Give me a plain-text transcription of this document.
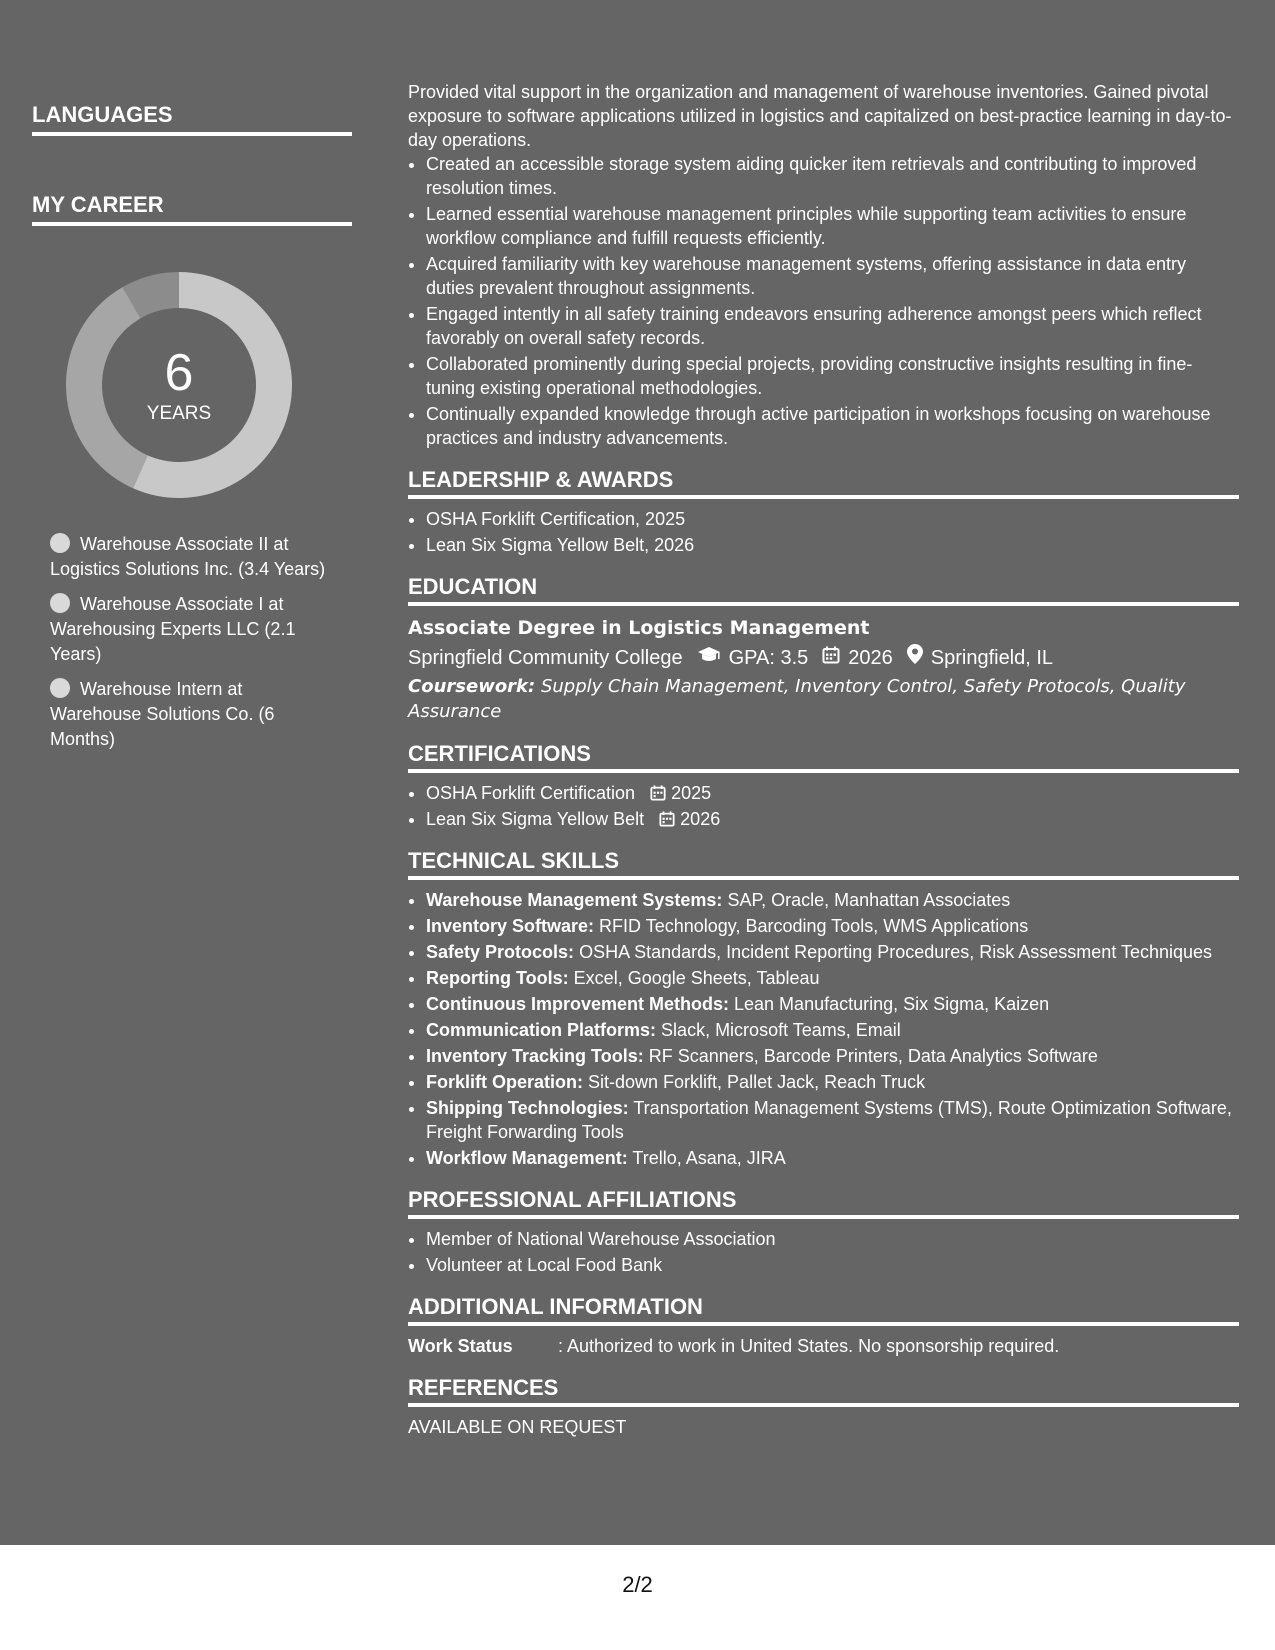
LANGUAGES
MY CAREER
6
YEARS
Warehouse Associate II at Logistics Solutions Inc. (3.4 Years)
Warehouse Associate I at Warehousing Experts LLC (2.1 Years)
Warehouse Intern at Warehouse Solutions Co. (6 Months)

Provided vital support in the organization and management of warehouse inventories. Gained pivotal exposure to software applications utilized in logistics and capitalized on best-practice learning in day-to-day operations.

• Created an accessible storage system aiding quicker item retrievals and contributing to improved resolution times.
• Learned essential warehouse management principles while supporting team activities to ensure workflow compliance and fulfill requests efficiently.
• Acquired familiarity with key warehouse management systems, offering assistance in data entry duties prevalent throughout assignments.
• Engaged intently in all safety training endeavors ensuring adherence amongst peers which reflect favorably on overall safety records.
• Collaborated prominently during special projects, providing constructive insights resulting in fine-tuning existing operational methodologies.
• Continually expanded knowledge through active participation in workshops focusing on warehouse practices and industry advancements.
LEADERSHIP & AWARDS
• OSHA Forklift Certification, 2025
• Lean Six Sigma Yellow Belt, 2026
EDUCATION
Associate Degree in Logistics Management
Springfield Community College GPA: 3.5 2026 Springfield, IL
Coursework: Supply Chain Management, Inventory Control, Safety Protocols, Quality Assurance
CERTIFICATIONS
• OSHA Forklift Certification 2025
• Lean Six Sigma Yellow Belt 2026
TECHNICAL SKILLS
• Warehouse Management Systems: SAP, Oracle, Manhattan Associates
• Inventory Software: RFID Technology, Barcoding Tools, WMS Applications
• Safety Protocols: OSHA Standards, Incident Reporting Procedures, Risk Assessment Techniques
• Reporting Tools: Excel, Google Sheets, Tableau
• Continuous Improvement Methods: Lean Manufacturing, Six Sigma, Kaizen
• Communication Platforms: Slack, Microsoft Teams, Email
• Inventory Tracking Tools: RF Scanners, Barcode Printers, Data Analytics Software
• Forklift Operation: Sit-down Forklift, Pallet Jack, Reach Truck
• Shipping Technologies: Transportation Management Systems (TMS), Route Optimization Software, Freight Forwarding Tools
• Workflow Management: Trello, Asana, JIRA
PROFESSIONAL AFFILIATIONS
• Member of National Warehouse Association
• Volunteer at Local Food Bank
ADDITIONAL INFORMATION
Work Status	: Authorized to work in United States. No sponsorship required.
REFERENCES
AVAILABLE ON REQUEST
2/2
